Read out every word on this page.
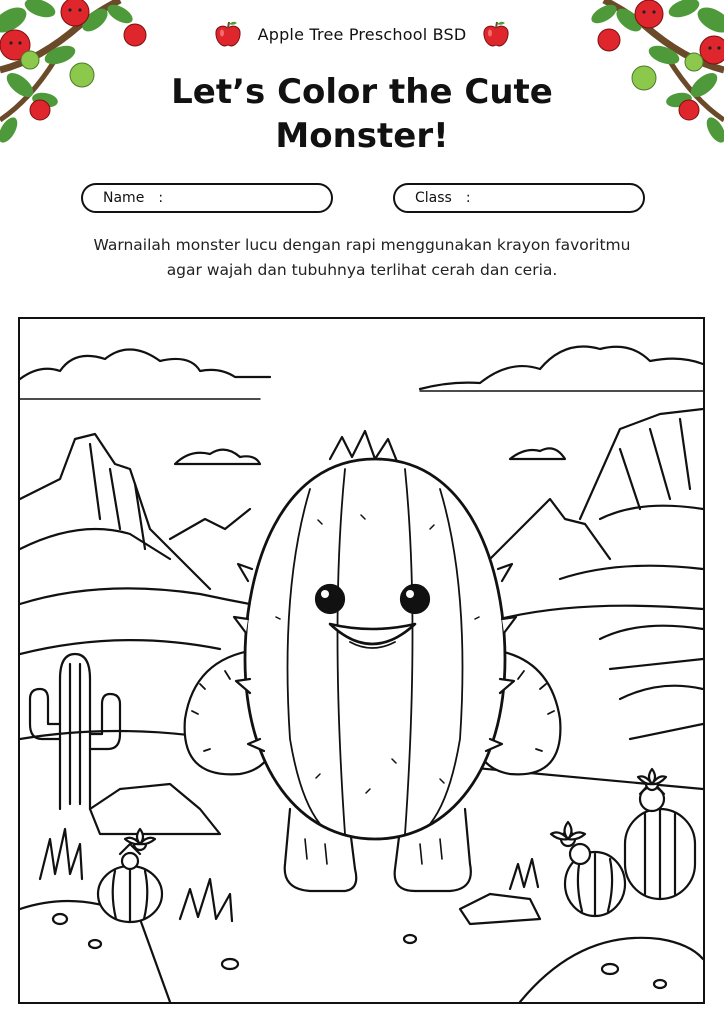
Apple Tree Preschool BSD
Let’s Color the Cute
Monster!
Name :	Class :
Warnailah monster lucu dengan rapi menggunakan krayon favoritmu
agar wajah dan tubuhnya terlihat cerah dan ceria.
